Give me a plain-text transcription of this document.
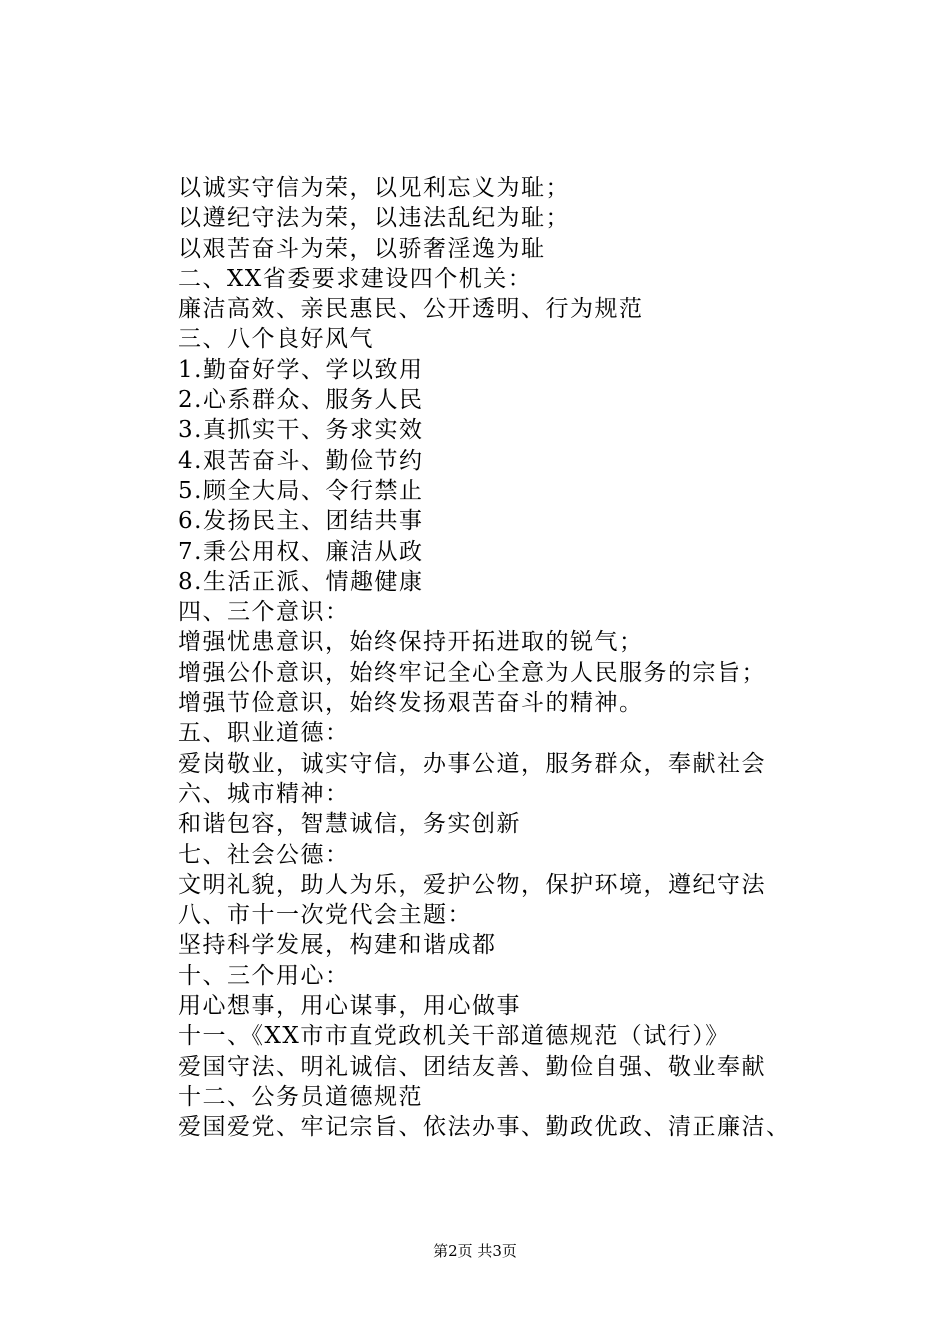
以诚实守信为荣，以见利忘义为耻；
以遵纪守法为荣，以违法乱纪为耻；
以艰苦奋斗为荣，以骄奢淫逸为耻
二、XX省委要求建设四个机关：
廉洁高效、亲民惠民、公开透明、行为规范
三、八个良好风气
1.勤奋好学、学以致用
2.心系群众、服务人民
3.真抓实干、务求实效
4.艰苦奋斗、勤俭节约
5.顾全大局、令行禁止
6.发扬民主、团结共事
7.秉公用权、廉洁从政
8.生活正派、情趣健康
四、三个意识：
增强忧患意识，始终保持开拓进取的锐气；
增强公仆意识，始终牢记全心全意为人民服务的宗旨；
增强节俭意识，始终发扬艰苦奋斗的精神。
五、职业道德：
爱岗敬业，诚实守信，办事公道，服务群众，奉献社会
六、城市精神：
和谐包容，智慧诚信，务实创新
七、社会公德：
文明礼貌，助人为乐，爱护公物，保护环境，遵纪守法
八、市十一次党代会主题：
坚持科学发展，构建和谐成都
十、三个用心：
用心想事，用心谋事，用心做事
十一、《XX市市直党政机关干部道德规范（试行）》
爱国守法、明礼诚信、团结友善、勤俭自强、敬业奉献
十二、公务员道德规范
爱国爱党、牢记宗旨、依法办事、勤政优政、清正廉洁、
第2页 共3页
